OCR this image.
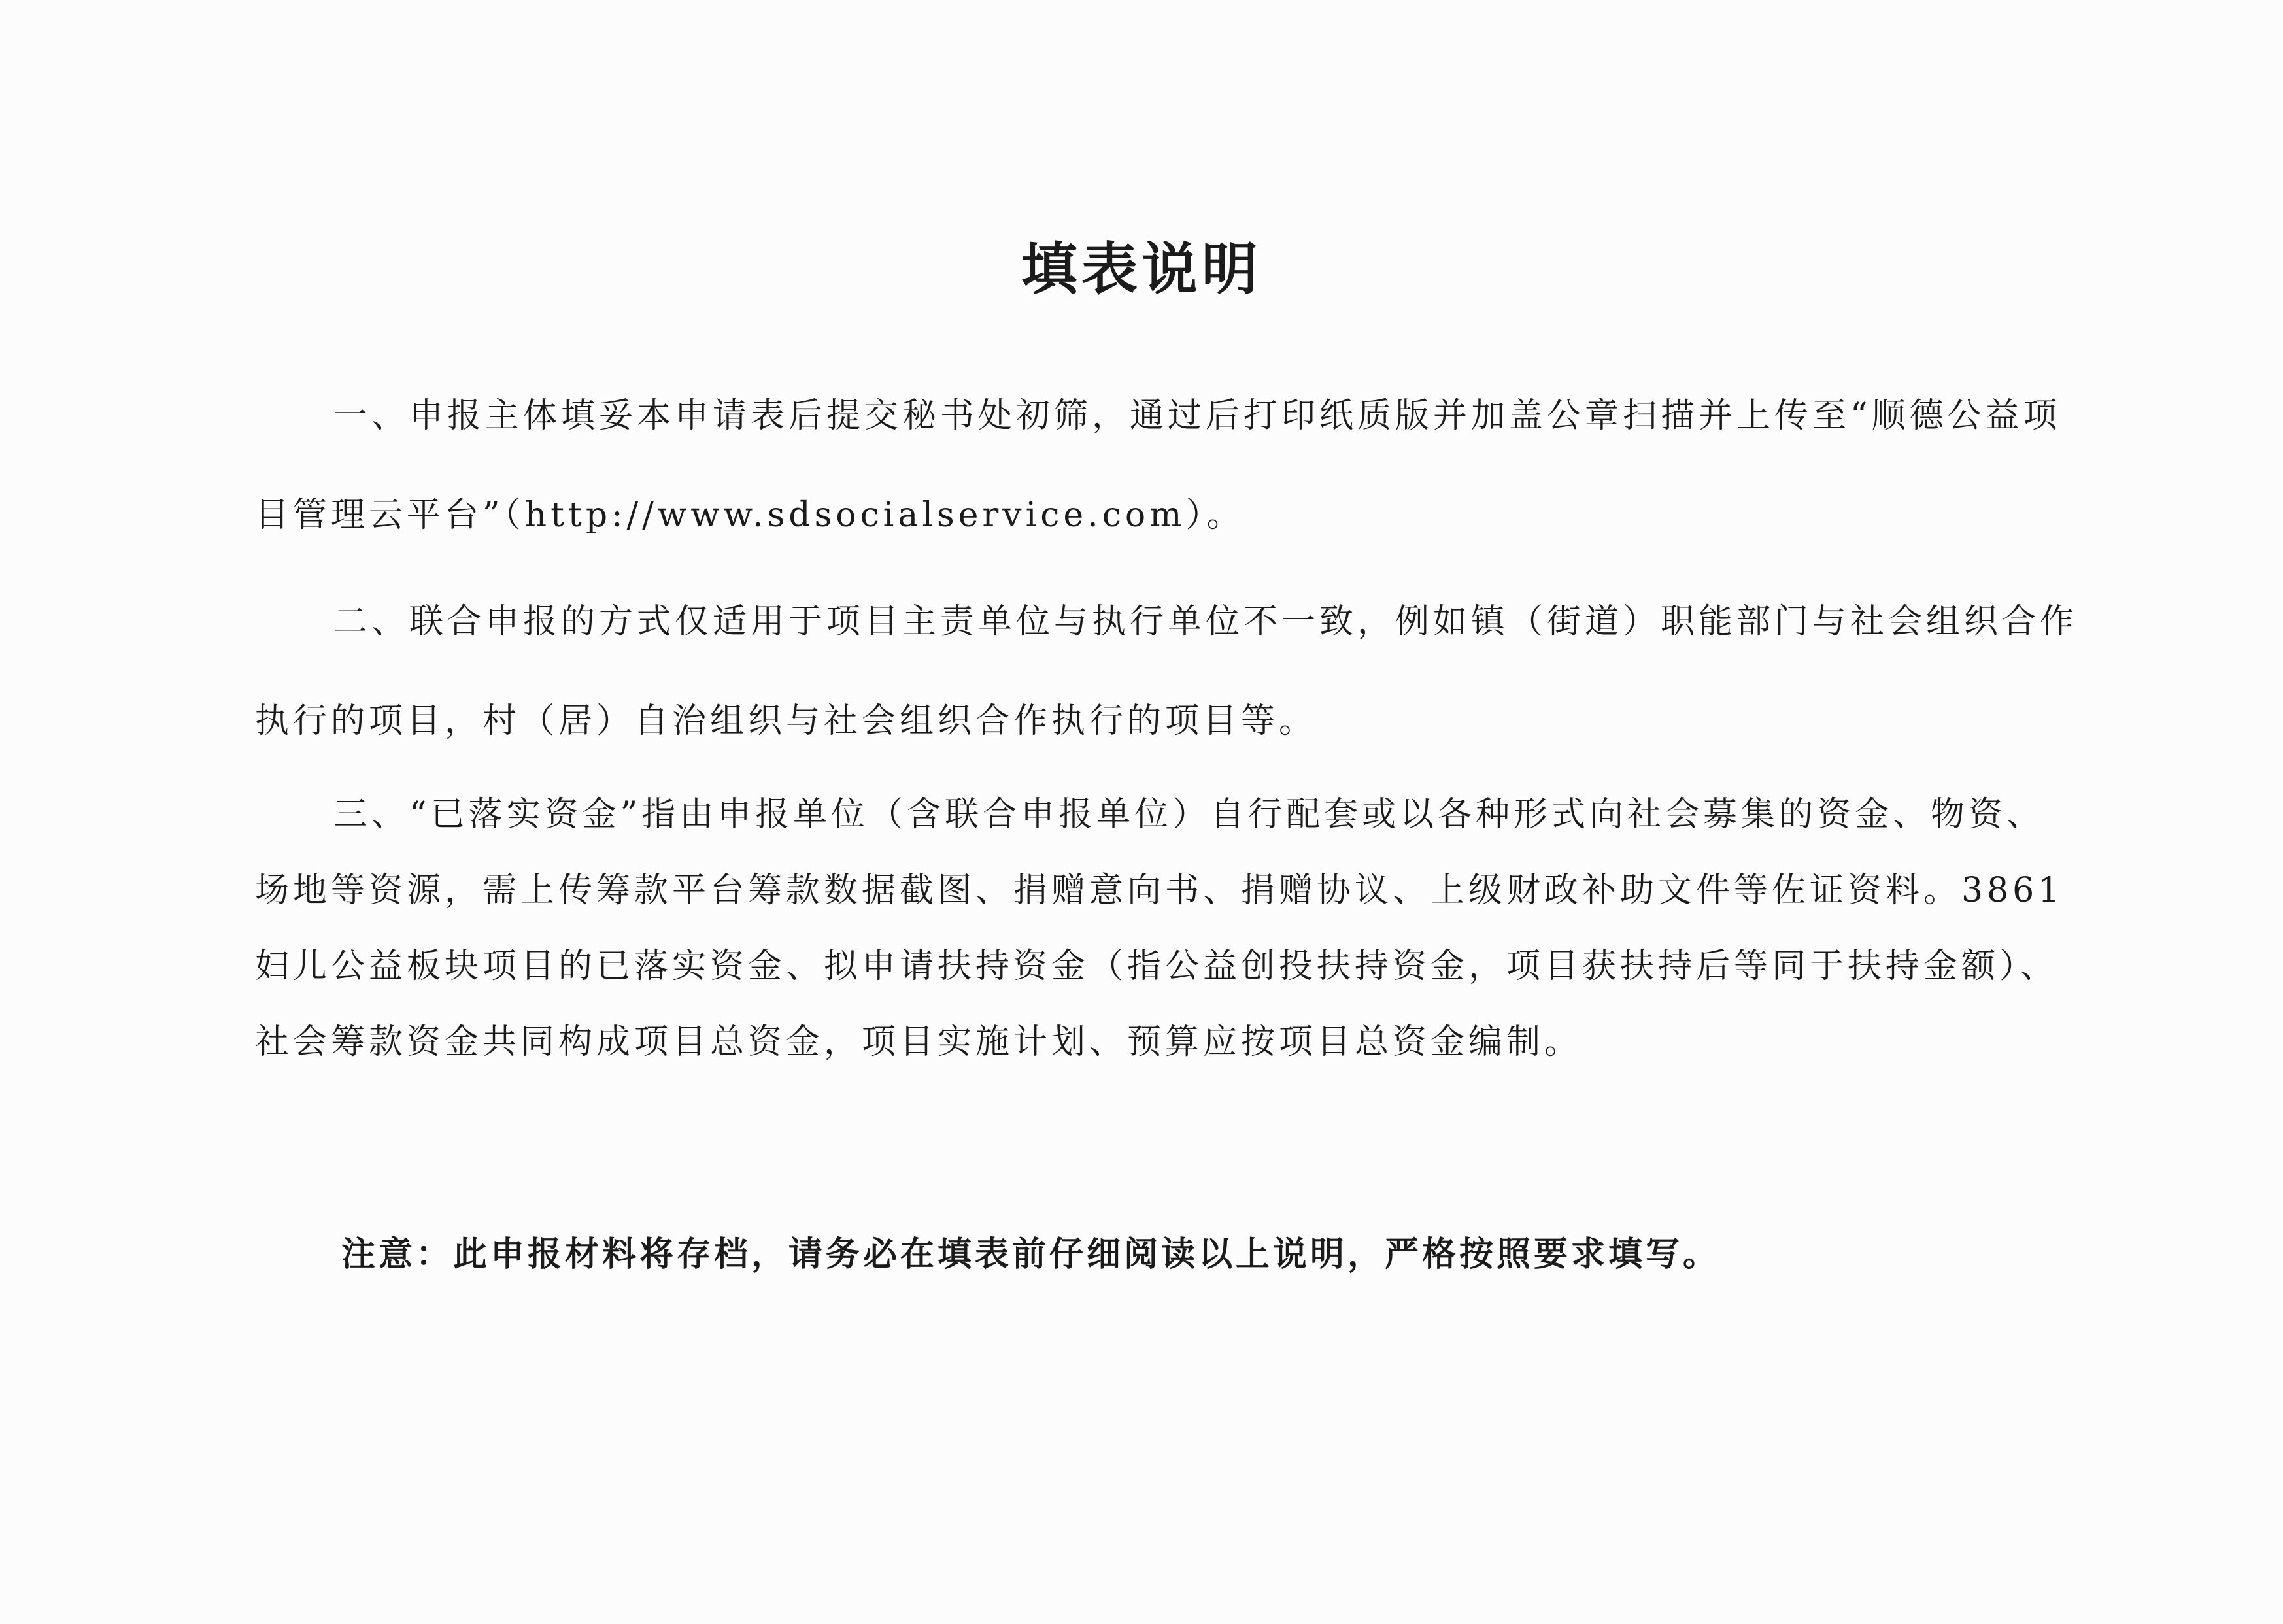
填表说明
一、申报主体填妥本申请表后提交秘书处初筛，通过后打印纸质版并加盖公章扫描并上传至“顺德公益项
目管理云平台”（http://www.sdsocialservice.com）。
二、联合申报的方式仅适用于项目主责单位与执行单位不一致，例如镇（街道）职能部门与社会组织合作
执行的项目，村（居）自治组织与社会组织合作执行的项目等。
三、“已落实资金”指由申报单位（含联合申报单位）自行配套或以各种形式向社会募集的资金、物资、
场地等资源，需上传筹款平台筹款数据截图、捐赠意向书、捐赠协议、上级财政补助文件等佐证资料。3861
妇儿公益板块项目的已落实资金、拟申请扶持资金（指公益创投扶持资金，项目获扶持后等同于扶持金额）、
社会筹款资金共同构成项目总资金，项目实施计划、预算应按项目总资金编制。
注意：此申报材料将存档，请务必在填表前仔细阅读以上说明，严格按照要求填写。
